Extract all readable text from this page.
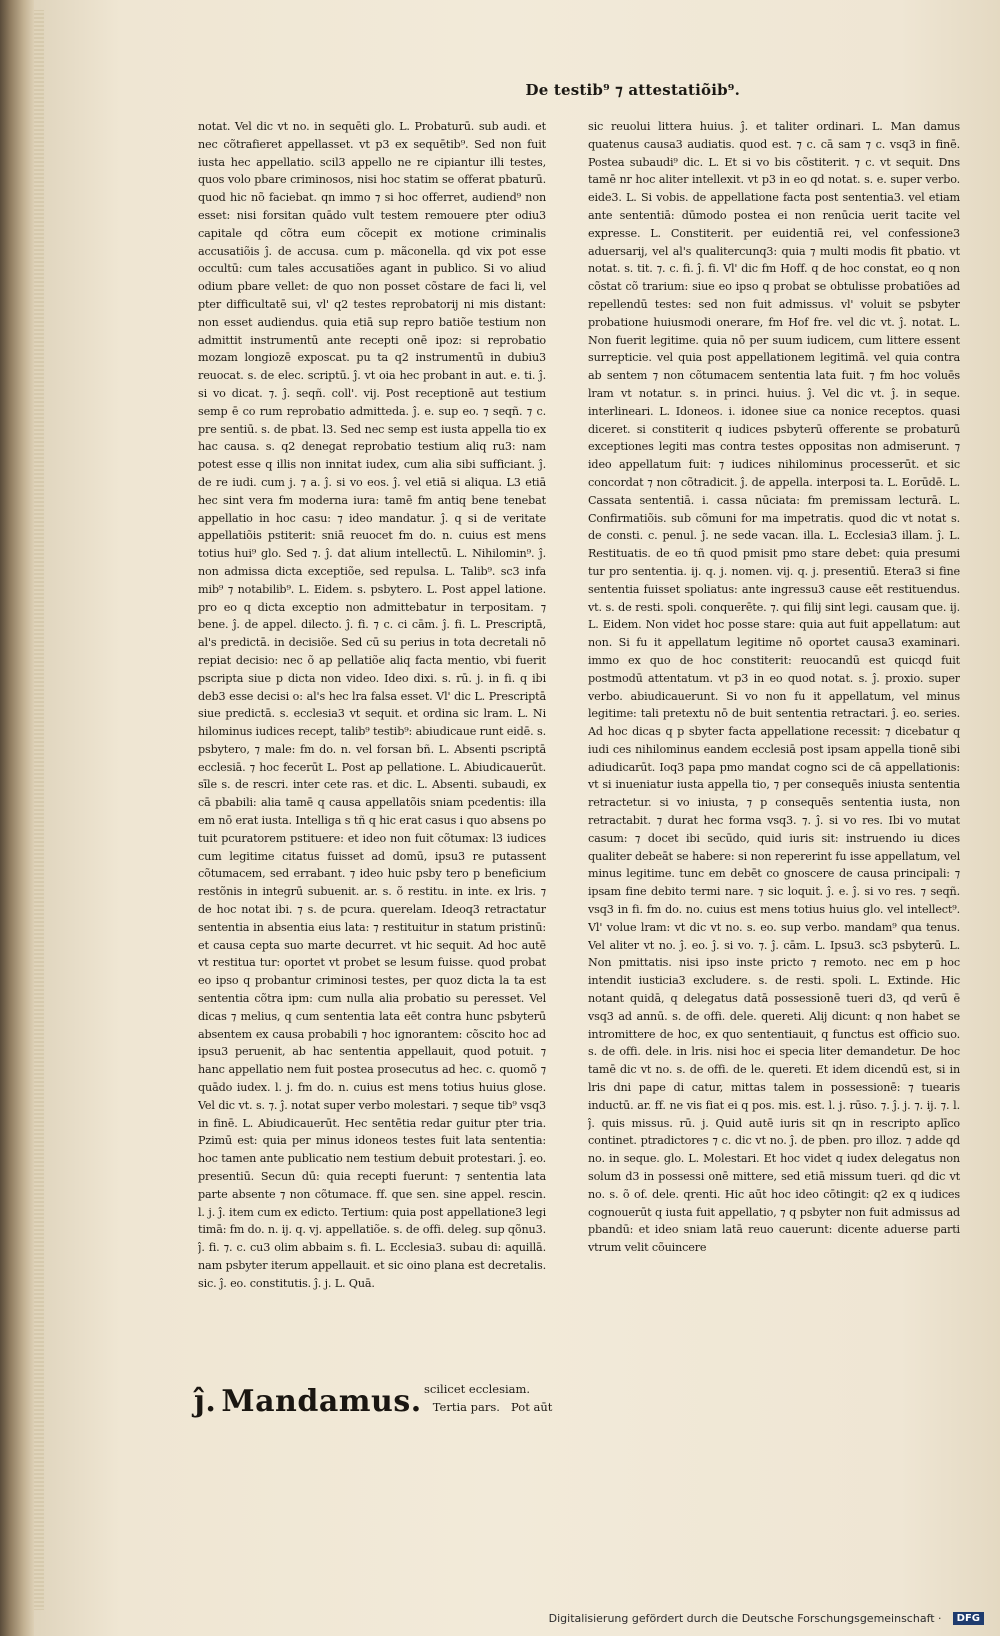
De testib⁹ ⁊ attestatiõib⁹.
notat. Vel dic vt no. in sequēti glo. L. Probaturū. sub audi. et nec cõtrafieret appellasset. vt p3 ex sequētib⁹. Sed non fuit iusta hec appellatio. scil3 appello ne re cipiantur illi testes, quos volo pbare criminosos, nisi hoc statim se offerat pbaturū. quod hic nõ faciebat. qn immo ⁊ si hoc offerret, audiend⁹ non esset: nisi forsitan quādo vult testem remouere pter odiu3 capitale qd cõtra eum cõcepit ex motione criminalis accusatiõis ĵ. de accusa. cum p. mãconella. qd vix pot esse occultū: cum tales accusatiões agant in publico. Si vo aliud odium pbare vellet: de quo non posset cõstare de faci li, vel pter difficultatē sui, vl' q2 testes reprobatorij ni mis distant: non esset audiendus. quia etiā sup repro batiõe testium non admittit instrumentū ante recepti onē ipoz: si reprobatio mozam longiozē exposcat. pu ta q2 instrumentū in dubiu3 reuocat. s. de elec. scriptū. ĵ. vt oia hec probant in aut. e. ti. ĵ. si vo dicat. ⁊. ĵ. seqñ. coll'. vij. Post receptionē aut testium semp ē co rum reprobatio admitteda. ĵ. e. sup eo. ⁊ seqñ. ⁊ c. pre sentiū. s. de pbat. l3. Sed nec semp est iusta appella tio ex hac causa. s. q2 denegat reprobatio testium aliq ru3: nam potest esse q illis non innitat iudex, cum alia sibi sufficiant. ĵ. de re iudi. cum j. ⁊ a. ĵ. si vo eos. ĵ. vel etiā si aliqua. L3 etiā hec sint vera fm moderna iura: tamē fm antiq bene tenebat appellatio in hoc casu: ⁊ ideo mandatur. ĵ. q si de veritate appellatiõis pstiterit: sniā reuocet fm do. n. cuius est mens totius hui⁹ glo. Sed ⁊. ĵ. dat alium intellectū. L. Nihilomin⁹. ĵ. non admissa dicta exceptiõe, sed repulsa. L. Talib⁹. sc3 infa mib⁹ ⁊ notabilib⁹. L. Eidem. s. psbytero. L. Post appel latione. pro eo q dicta exceptio non admittebatur in terpositam. ⁊ bene. ĵ. de appel. dilecto. ĵ. fi. ⁊ c. ci cām. ĵ. fi. L. Prescriptā, al's predictā. in decisiõe. Sed cū su perius in tota decretali nō repiat decisio: nec õ ap pellatiõe aliq facta mentio, vbi fuerit pscripta siue p dicta non video. Ideo dixi. s. rū. j. in fi. q ibi deb3 esse decisi o: al's hec lra falsa esset. Vl' dic L. Prescriptā siue predictā. s. ecclesia3 vt sequit. et ordina sic lram. L. Ni hilominus iudices recept, talib⁹ testib⁹: abiudicaue runt eidē. s. psbytero, ⁊ male: fm do. n. vel forsan bñ. L. Absenti pscriptā ecclesiā. ⁊ hoc fecerūt L. Post ap pellatione. L. Abiudicauerūt. sīle s. de rescri. inter cete ras. et dic. L. Absenti. subaudi, ex cā pbabili: alia tamē q causa appellatõis sniam pcedentis: illa em nō erat iusta. Intelliga s tñ q hic erat casus i quo absens po tuit pcuratorem pstituere: et ideo non fuit cõtumax: l3 iudices cum legitime citatus fuisset ad domū, ipsu3 re putassent cõtumacem, sed errabant. ⁊ ideo huic psby tero p beneficium restõnis in integrū subuenit. ar. s. õ restitu. in inte. ex lris. ⁊ de hoc notat ibi. ⁊ s. de pcura. querelam. Ideoq3 retractatur sententia in absentia eius lata: ⁊ restituitur in statum pristinū: et causa cepta suo marte decurret. vt hic sequit. Ad hoc autē vt restitua tur: oportet vt probet se lesum fuisse. quod probat eo ipso q probantur criminosi testes, per quoz dicta la ta est sententia cõtra ipm: cum nulla alia probatio su peresset. Vel dicas ⁊ melius, q cum sententia lata eēt contra hunc psbyterū absentem ex causa probabili ⁊ hoc ignorantem: cõscito hoc ad ipsu3 peruenit, ab hac sententia appellauit, quod potuit. ⁊ hanc appellatio nem fuit postea prosecutus ad hec. c. quomõ ⁊ quādo iudex. l. j. fm do. n. cuius est mens totius huius glose. Vel dic vt. s. ⁊. ĵ. notat super verbo molestari. ⁊ seque tib⁹ vsq3 in finē. L. Abiudicauerūt. Hec sentētia redar guitur pter tria. Pzimū est: quia per minus idoneos testes fuit lata sententia: hoc tamen ante publicatio nem testium debuit protestari. ĵ. eo. presentiū. Secun dū: quia recepti fuerunt: ⁊ sententia lata parte absente ⁊ non cõtumace. ff. que sen. sine appel. rescin. l. j. ĵ. item cum ex edicto. Tertium: quia post appellatione3 legi timā: fm do. n. ij. q. vj. appellatiõe. s. de offi. deleg. sup qõnu3. ĵ. fi. ⁊. c. cu3 olim abbaim s. fi. L. Ecclesia3. subau di: aquillā. nam psbyter iterum appellauit. et sic oino plana est decretalis. sic. ĵ. eo. constitutis. ĵ. j. L. Quā.
scilicet ecclesiam.
ĵ. Mandamus. Tertia pars. Pot aūt
sic reuolui littera huius. ĵ. et taliter ordinari. L. Man damus quatenus causa3 audiatis. quod est. ⁊ c. cā sam ⁊ c. vsq3 in finē. Postea subaudi⁹ dic. L. Et si vo bis cõstiterit. ⁊ c. vt sequit. Dns tamē nr hoc aliter intellexit. vt p3 in eo qd notat. s. e. super verbo. eide3. L. Si vobis. de appellatione facta post sententia3. vel etiam ante sententiā: dūmodo postea ei non renūcia uerit tacite vel expresse. L. Constiterit. per euidentiā rei, vel confessione3 aduersarij, vel al's qualitercunq3: quia ⁊ multi modis fit pbatio. vt notat. s. tit. ⁊. c. fi. ĵ. fi. Vl' dic fm Hoff. q de hoc constat, eo q non cõstat cõ trarium: siue eo ipso q probat se obtulisse probatiões ad repellendū testes: sed non fuit admissus. vl' voluit se psbyter probatione huiusmodi onerare, fm Hof fre. vel dic vt. ĵ. notat. L. Non fuerit legitime. quia nō per suum iudicem, cum littere essent surrepticie. vel quia post appellationem legitimā. vel quia contra ab sentem ⁊ non cõtumacem sententia lata fuit. ⁊ fm hoc voluēs lram vt notatur. s. in princi. huius. ĵ. Vel dic vt. ĵ. in seque. interlineari. L. Idoneos. i. idonee siue ca nonice receptos. quasi diceret. si constiterit q iudices psbyterū offerente se probaturū exceptiones legiti mas contra testes oppositas non admiserunt. ⁊ ideo appellatum fuit: ⁊ iudices nihilominus processerūt. et sic concordat ⁊ non cõtradicit. ĵ. de appella. interposi ta. L. Eorūdē. L. Cassata sententiā. i. cassa nūciata: fm premissam lecturā. L. Confirmatiõis. sub cõmuni for ma impetratis. quod dic vt notat s. de consti. c. penul. ĵ. ne sede vacan. illa. L. Ecclesia3 illam. ĵ. L. Restituatis. de eo tñ quod pmisit pmo stare debet: quia presumi tur pro sententia. ij. q. j. nomen. vij. q. j. presentiū. Etera3 si fine sententia fuisset spoliatus: ante ingressu3 cause eēt restituendus. vt. s. de resti. spoli. conquerēte. ⁊. qui filij sint legi. causam que. ij. L. Eidem. Non videt hoc posse stare: quia aut fuit appellatum: aut non. Si fu it appellatum legitime nō oportet causa3 examinari. immo ex quo de hoc constiterit: reuocandū est quicqd fuit postmodū attentatum. vt p3 in eo quod notat. s. ĵ. proxio. super verbo. abiudicauerunt. Si vo non fu it appellatum, vel minus legitime: tali pretextu nō de buit sententia retractari. ĵ. eo. series. Ad hoc dicas q p sbyter facta appellatione recessit: ⁊ dicebatur q iudi ces nihilominus eandem ecclesiā post ipsam appella tionē sibi adiudicarūt. Ioq3 papa pmo mandat cogno sci de cā appellationis: vt si inueniatur iusta appella tio, ⁊ per consequēs iniusta sententia retractetur. si vo iniusta, ⁊ p consequēs sententia iusta, non retractabit. ⁊ durat hec forma vsq3. ⁊. ĵ. si vo res. Ibi vo mutat casum: ⁊ docet ibi secūdo, quid iuris sit: instruendo iu dices qualiter debeāt se habere: si non repererint fu isse appellatum, vel minus legitime. tunc em debēt co gnoscere de causa principali: ⁊ ipsam fine debito termi nare. ⁊ sic loquit. ĵ. e. ĵ. si vo res. ⁊ seqñ. vsq3 in fi. fm do. no. cuius est mens totius huius glo. vel intellect⁹. Vl' volue lram: vt dic vt no. s. eo. sup verbo. mandam⁹ qua tenus. Vel aliter vt no. ĵ. eo. ĵ. si vo. ⁊. ĵ. cām. L. Ipsu3. sc3 psbyterū. L. Non pmittatis. nisi ipso inste pricto ⁊ remoto. nec em p hoc intendit iusticia3 excludere. s. de resti. spoli. L. Extinde. Hic notant quidā, q delegatus datā possessionē tueri d3, qd verū ē vsq3 ad annū. s. de offi. dele. quereti. Alij dicunt: q non habet se intromittere de hoc, ex quo sententiauit, q functus est officio suo. s. de offi. dele. in lris. nisi hoc ei specia liter demandetur. De hoc tamē dic vt no. s. de offi. de le. quereti. Et idem dicendū est, si in lris dni pape di catur, mittas talem in possessionē: ⁊ tuearis inductū. ar. ff. ne vis fiat ei q pos. mis. est. l. j. rūso. ⁊. ĵ. j. ⁊. ij. ⁊. l. ĵ. quis missus. rū. j. Quid autē iuris sit qn in rescripto aplīco continet. ptradictores ⁊ c. dic vt no. ĵ. de pben. pro illoz. ⁊ adde qd no. in seque. glo. L. Molestari. Et hoc videt q iudex delegatus non solum d3 in possessi onē mittere, sed etiā missum tueri. qd dic vt no. s. õ of. dele. qrenti. Hic aūt hoc ideo cōtingit: q2 ex q iudices cognouerūt q iusta fuit appellatio, ⁊ q psbyter non fuit admissus ad pbandū: et ideo sniam latā reuo cauerunt: dicente aduerse parti vtrum velit cõuincere
Digitalisierung gefördert durch die Deutsche Forschungsgemeinschaft · DFG
